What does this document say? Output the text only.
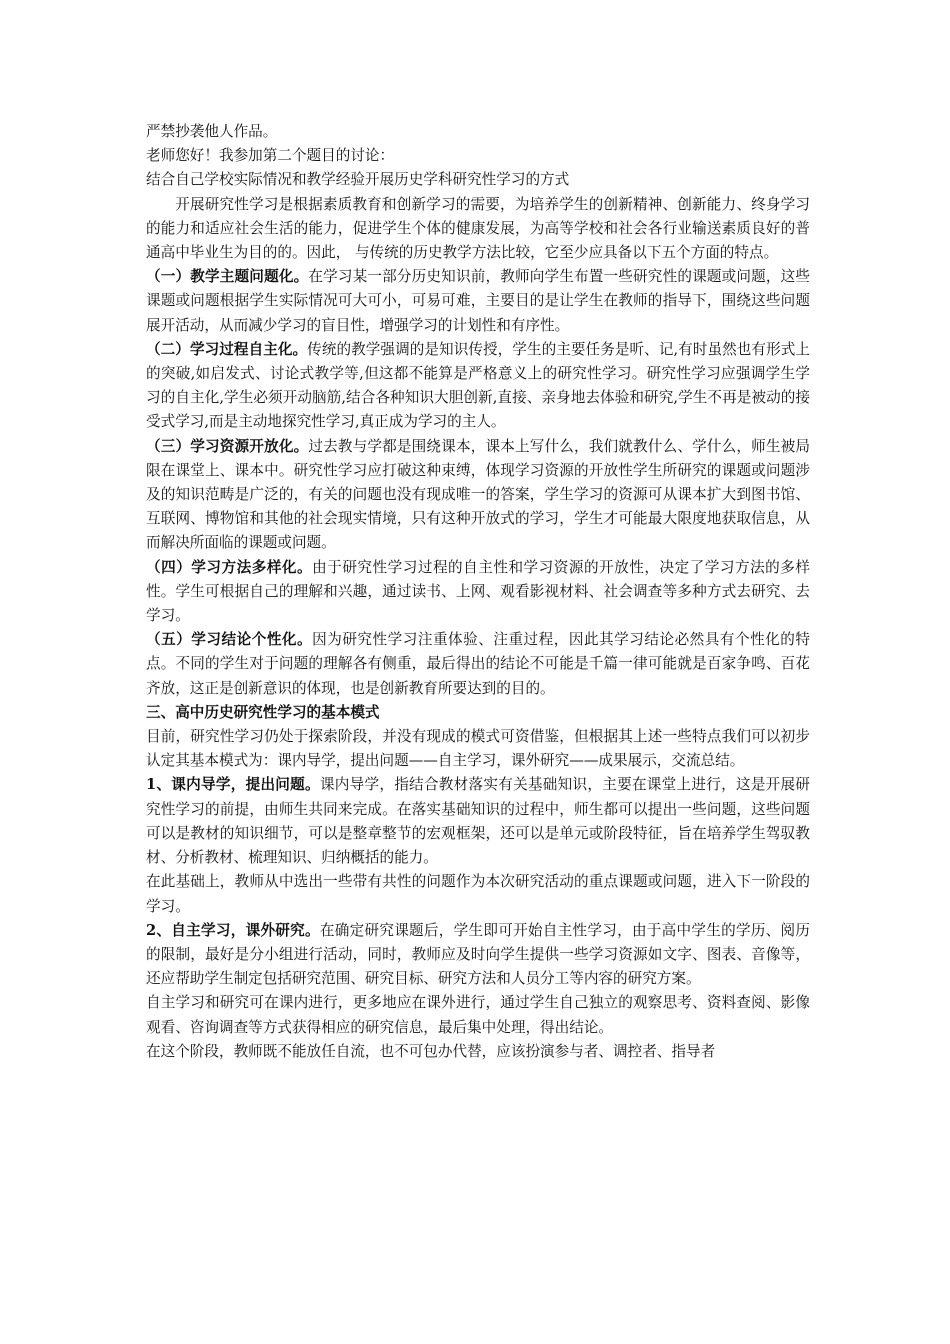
严禁抄袭他人作品。

老师您好！我参加第二个题目的讨论：

结合自己学校实际情况和教学经验开展历史学科研究性学习的方式

开展研究性学习是根据素质教育和创新学习的需要，为培养学生的创新精神、创新能力、终身学习的能力和适应社会生活的能力，促进学生个体的健康发展，为高等学校和社会各行业输送素质良好的普通高中毕业生为目的的。因此， 与传统的历史教学方法比较，它至少应具备以下五个方面的特点。

（一）教学主题问题化。在学习某一部分历史知识前，教师向学生布置一些研究性的课题或问题，这些课题或问题根据学生实际情况可大可小，可易可难，主要目的是让学生在教师的指导下，围绕这些问题展开活动，从而减少学习的盲目性，增强学习的计划性和有序性。

（二）学习过程自主化。传统的教学强调的是知识传授，学生的主要任务是听、记,有时虽然也有形式上的突破,如启发式、讨论式教学等,但这都不能算是严格意义上的研究性学习。研究性学习应强调学生学习的自主化,学生必须开动脑筋,结合各种知识大胆创新,直接、亲身地去体验和研究,学生不再是被动的接受式学习,而是主动地探究性学习,真正成为学习的主人。

（三）学习资源开放化。过去教与学都是围绕课本，课本上写什么，我们就教什么、学什么，师生被局限在课堂上、课本中。研究性学习应打破这种束缚，体现学习资源的开放性学生所研究的课题或问题涉及的知识范畴是广泛的，有关的问题也没有现成唯一的答案，学生学习的资源可从课本扩大到图书馆、互联网、博物馆和其他的社会现实情境，只有这种开放式的学习，学生才可能最大限度地获取信息，从而解决所面临的课题或问题。

（四）学习方法多样化。由于研究性学习过程的自主性和学习资源的开放性，决定了学习方法的多样性。学生可根据自己的理解和兴趣，通过读书、上网、观看影视材料、社会调查等多种方式去研究、去学习。

（五）学习结论个性化。因为研究性学习注重体验、注重过程，因此其学习结论必然具有个性化的特点。不同的学生对于问题的理解各有侧重，最后得出的结论不可能是千篇一律可能就是百家争鸣、百花齐放，这正是创新意识的体现，也是创新教育所要达到的目的。

三、高中历史研究性学习的基本模式

目前，研究性学习仍处于探索阶段，并没有现成的模式可资借鉴，但根据其上述一些特点我们可以初步认定其基本模式为：课内导学，提出问题——自主学习，课外研究——成果展示，交流总结。

1、课内导学，提出问题。课内导学，指结合教材落实有关基础知识，主要在课堂上进行，这是开展研究性学习的前提，由师生共同来完成。在落实基础知识的过程中，师生都可以提出一些问题，这些问题可以是教材的知识细节，可以是整章整节的宏观框架，还可以是单元或阶段特征，旨在培养学生驾驭教材、分析教材、梳理知识、归纳概括的能力。

在此基础上，教师从中选出一些带有共性的问题作为本次研究活动的重点课题或问题，进入下一阶段的学习。

2、自主学习，课外研究。在确定研究课题后，学生即可开始自主性学习，由于高中学生的学历、阅历的限制，最好是分小组进行活动，同时，教师应及时向学生提供一些学习资源如文字、图表、音像等，还应帮助学生制定包括研究范围、研究目标、研究方法和人员分工等内容的研究方案。

自主学习和研究可在课内进行，更多地应在课外进行，通过学生自己独立的观察思考、资料查阅、影像观看、咨询调查等方式获得相应的研究信息，最后集中处理，得出结论。

在这个阶段，教师既不能放任自流，也不可包办代替，应该扮演参与者、调控者、指导者
